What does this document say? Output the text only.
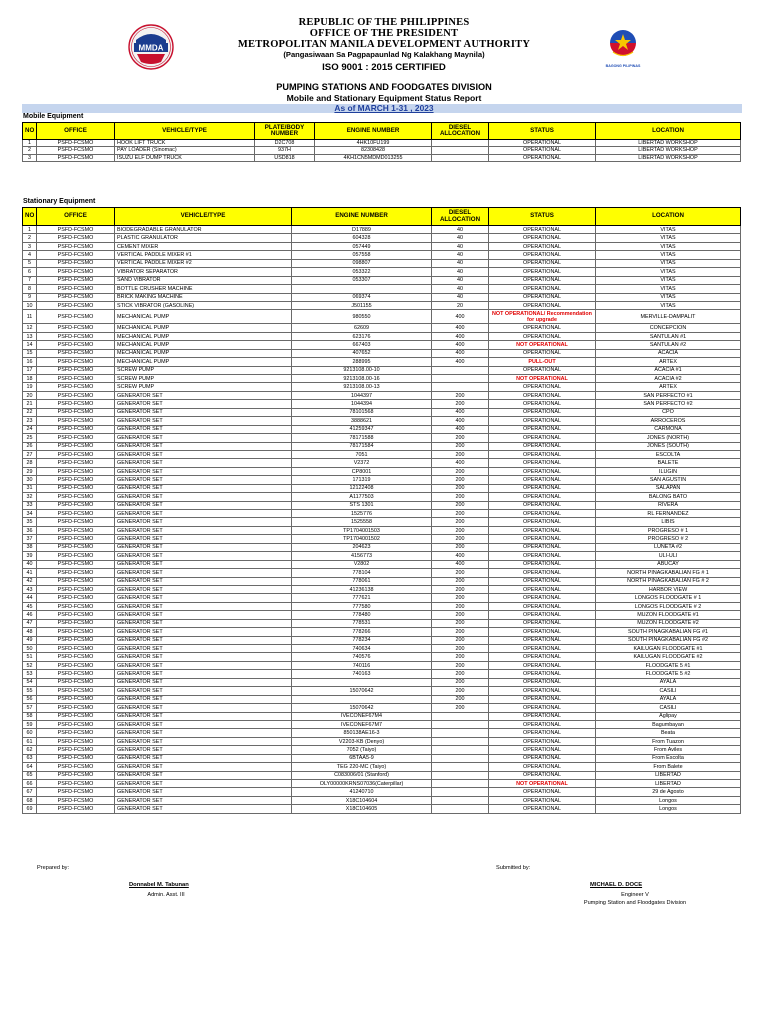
MMDA
BAGONG PILIPINAS
REPUBLIC OF THE PHILIPPINES
OFFICE OF THE PRESIDENT
METROPOLITAN MANILA DEVELOPMENT AUTHORITY
(Pangasiwaan Sa Pagpapaunlad Ng Kalakhang Maynila)
ISO 9001 : 2015 CERTIFIED
PUMPING STATIONS AND FOODGATES DIVISION
Mobile and Stationary Equipment Status Report
As of MARCH 1-31 , 2023
Mobile Equipment
NO	OFFICE	VEHICLE/TYPE	PLATE/BODY NUMBER	ENGINE NUMBER	DIESEL ALLOCATION	STATUS	LOCATION
1	PSFD-FCSMO	HOOK LIFT TRUCK	D2C708	4HK10FU199		OPERATIONAL	LIBERTAD WORKSHOP
2	PSFD-FCSMO	PAY LOADER (Sinomac)	937H	82308428		OPERATIONAL	LIBERTAD WORKSHOP
3	PSFD-FCSMO	ISUZU ELF DUMP TRUCK	USD818	4KH1CN5MDMD013255		OPERATIONAL	LIBERTAD WORKSHOP
Stationary Equipment
NO	OFFICE	VEHICLE/TYPE	ENGINE NUMBER	DIESEL ALLOCATION	STATUS	LOCATION
1	PSFD-FCSMO	BIODEGRADABLE GRANULATOR	D17889	40	OPERATIONAL	VITAS
2	PSFD-FCSMO	PLASTIC GRANULATOR	604328	40	OPERATIONAL	VITAS
3	PSFD-FCSMO	CEMENT MIXER	057449	40	OPERATIONAL	VITAS
4	PSFD-FCSMO	VERTICAL PADDLE MIXER #1	057558	40	OPERATIONAL	VITAS
5	PSFD-FCSMO	VERTICAL PADDLE MIXER #2	098807	40	OPERATIONAL	VITAS
6	PSFD-FCSMO	VIBRATOR SEPARATOR	053322	40	OPERATIONAL	VITAS
7	PSFD-FCSMO	SAND VIBRATOR	053307	40	OPERATIONAL	VITAS
8	PSFD-FCSMO	BOTTLE CRUSHER MACHINE		40	OPERATIONAL	VITAS
9	PSFD-FCSMO	BRICK MAKING MACHINE	069374	40	OPERATIONAL	VITAS
10	PSFD-FCSMO	STICK VIBRATOR (GASOLINE)	J501155	20	OPERATIONAL	VITAS
11	PSFD-FCSMO	MECHANICAL PUMP	980550	400	NOT OPERATIONAL/ Recommendation for upgrade	MERVILLE-DAMPALIT
12	PSFD-FCSMO	MECHANICAL PUMP	62609	400	OPERATIONAL	CONCEPCION
13	PSFD-FCSMO	MECHANICAL PUMP	623176	400	OPERATIONAL	SANTULAN #1
14	PSFD-FCSMO	MECHANICAL PUMP	667403	400	NOT OPERATIONAL	SANTULAN #2
15	PSFD-FCSMO	MECHANICAL PUMP	407652	400	OPERATIONAL	ACACIA
16	PSFD-FCSMO	MECHANICAL PUMP	288995	400	PULL-OUT	ARTEX
17	PSFD-FCSMO	SCREW PUMP	9213108.00-10		OPERATIONAL	ACACIA #1
18	PSFD-FCSMO	SCREW PUMP	9213108.00-16		NOT OPERATIONAL	ACACIA #2
19	PSFD-FCSMO	SCREW PUMP	9213108.00-13		OPERATIONAL	ARTEX
20	PSFD-FCSMO	GENERATOR SET	1044397	200	OPERATIONAL	SAN PERFECTO #1
21	PSFD-FCSMO	GENERATOR SET	1044394	200	OPERATIONAL	SAN PERFECTO #2
22	PSFD-FCSMO	GENERATOR SET	78101568	400	OPERATIONAL	CPO
23	PSFD-FCSMO	GENERATOR SET	3888621	400	OPERATIONAL	ARROCEROS
24	PSFD-FCSMO	GENERATOR SET	41259347	400	OPERATIONAL	CARMONA
25	PSFD-FCSMO	GENERATOR SET	78171588	200	OPERATIONAL	JONES (NORTH)
26	PSFD-FCSMO	GENERATOR SET	78171584	200	OPERATIONAL	JONES (SOUTH)
27	PSFD-FCSMO	GENERATOR SET	7051	200	OPERATIONAL	ESCOLTA
28	PSFD-FCSMO	GENERATOR SET	V2372	400	OPERATIONAL	BALETE
29	PSFD-FCSMO	GENERATOR SET	CP8001	200	OPERATIONAL	ILUGIN
30	PSFD-FCSMO	GENERATOR SET	171319	200	OPERATIONAL	SAN AGUSTIN
31	PSFD-FCSMO	GENERATOR SET	12122408	200	OPERATIONAL	SALAPAN
32	PSFD-FCSMO	GENERATOR SET	A1177503	200	OPERATIONAL	BALONG BATO
33	PSFD-FCSMO	GENERATOR SET	STS 1301	200	OPERATIONAL	RIVERA
34	PSFD-FCSMO	GENERATOR SET	1525776	200	OPERATIONAL	RL FERNANDEZ
35	PSFD-FCSMO	GENERATOR SET	1525558	200	OPERATIONAL	LIBIS
36	PSFD-FCSMO	GENERATOR SET	TP1704001503	200	OPERATIONAL	PROGRESO # 1
37	PSFD-FCSMO	GENERATOR SET	TP1704001502	200	OPERATIONAL	PROGRESO # 2
38	PSFD-FCSMO	GENERATOR SET	204623	200	OPERATIONAL	LUNETA #2
39	PSFD-FCSMO	GENERATOR SET	4156773	400	OPERATIONAL	ULI-ULI
40	PSFD-FCSMO	GENERATOR SET	V2802	400	OPERATIONAL	ABUCAY
41	PSFD-FCSMO	GENERATOR SET	778104	200	OPERATIONAL	NORTH PINAGKABALIAN FG # 1
42	PSFD-FCSMO	GENERATOR SET	778061	200	OPERATIONAL	NORTH PINAGKABALIAN FG # 2
43	PSFD-FCSMO	GENERATOR SET	41236138	200	OPERATIONAL	HARBOR VIEW
44	PSFD-FCSMO	GENERATOR SET	777621	200	OPERATIONAL	LONGOS FLOODGATE # 1
45	PSFD-FCSMO	GENERATOR SET	777580	200	OPERATIONAL	LONGOS FLOODGATE # 2
46	PSFD-FCSMO	GENERATOR SET	778480	200	OPERATIONAL	MUZON FLOODGATE #1
47	PSFD-FCSMO	GENERATOR SET	778531	200	OPERATIONAL	MUZON FLOODGATE #2
48	PSFD-FCSMO	GENERATOR SET	778266	200	OPERATIONAL	SOUTH PINAGKABALIAN FG #1
49	PSFD-FCSMO	GENERATOR SET	778234	200	OPERATIONAL	SOUTH PINAGKABALIAN FG #2
50	PSFD-FCSMO	GENERATOR SET	740634	200	OPERATIONAL	KAILUGAN FLOODGATE #1
51	PSFD-FCSMO	GENERATOR SET	740576	200	OPERATIONAL	KAILUGAN FLOODGATE #2
52	PSFD-FCSMO	GENERATOR SET	740116	200	OPERATIONAL	FLOODGATE 5 #1
53	PSFD-FCSMO	GENERATOR SET	740163	200	OPERATIONAL	FLOODGATE 5 #2
54	PSFD-FCSMO	GENERATOR SET		200	OPERATIONAL	AYALA
55	PSFD-FCSMO	GENERATOR SET	15070642	200	OPERATIONAL	CASILI
56	PSFD-FCSMO	GENERATOR SET		200	OPERATIONAL	AYALA
57	PSFD-FCSMO	GENERATOR SET	15070642	200	OPERATIONAL	CASILI
58	PSFD-FCSMO	GENERATOR SET	IVECONEF67M4		OPERATIONAL	Aglipay
59	PSFD-FCSMO	GENERATOR SET	IVECONEF67M7		OPERATIONAL	Bagumbayan
60	PSFD-FCSMO	GENERATOR SET	850138AE16-3		OPERATIONAL	Beata
61	PSFD-FCSMO	GENERATOR SET	V2203-KB (Denyo)		OPERATIONAL	From Tuazon
62	PSFD-FCSMO	GENERATOR SET	7052 (Taiyo)		OPERATIONAL	From Aviles
63	PSFD-FCSMO	GENERATOR SET	6BTAA5-9		OPERATIONAL	From Escolta
64	PSFD-FCSMO	GENERATOR SET	TEG 220-MC (Taiyo)		OPERATIONAL	From Balete
65	PSFD-FCSMO	GENERATOR SET	C083006/01 (Stanford)		OPERATIONAL	LIBERTAD
66	PSFD-FCSMO	GENERATOR SET	OLY00000KRNS07036(Caterpillar)		NOT OPERATIONAL	LIBERTAD
67	PSFD-FCSMO	GENERATOR SET	41240710		OPERATIONAL	29 de Agosto
68	PSFD-FCSMO	GENERATOR SET	X18C104604		OPERATIONAL	Longos
69	PSFD-FCSMO	GENERATOR SET	X18C104605		OPERATIONAL	Longos
Prepared by:
Donnabel M. Tabunan
Admin. Asst. III
Submitted by:
MICHAEL D. DOCE
Engineer V
Pumping Station and Floodgates Division
